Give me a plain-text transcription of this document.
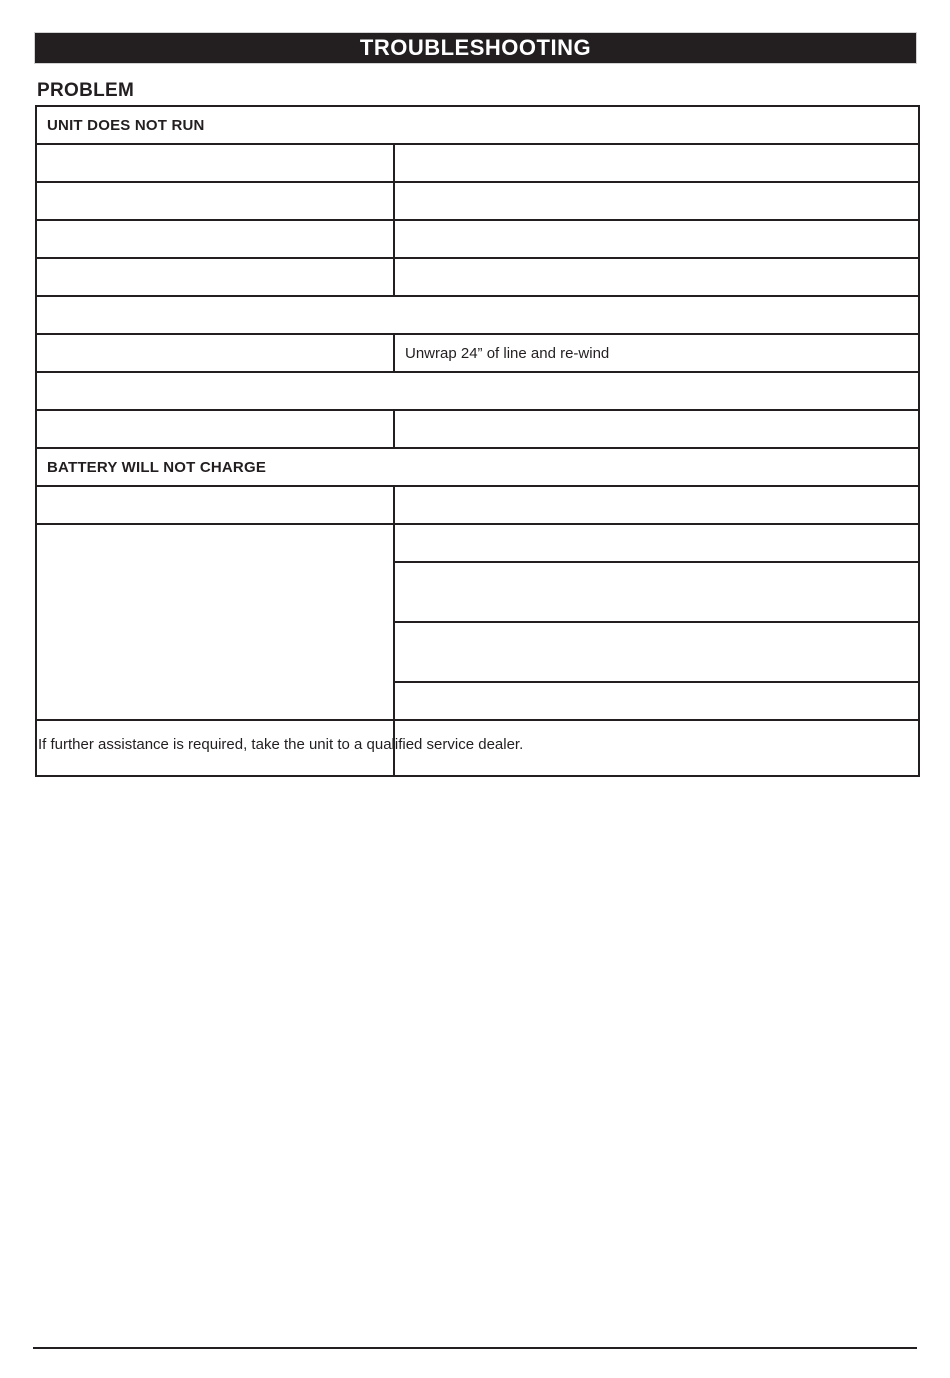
TROUBLESHOOTING
PROBLEM
UNIT DOES NOT RUN	

	Unwrap 24” of line and re-wind

BATTERY WILL NOT CHARGE	

If further assistance is required, take the unit to a qualified service dealer.
